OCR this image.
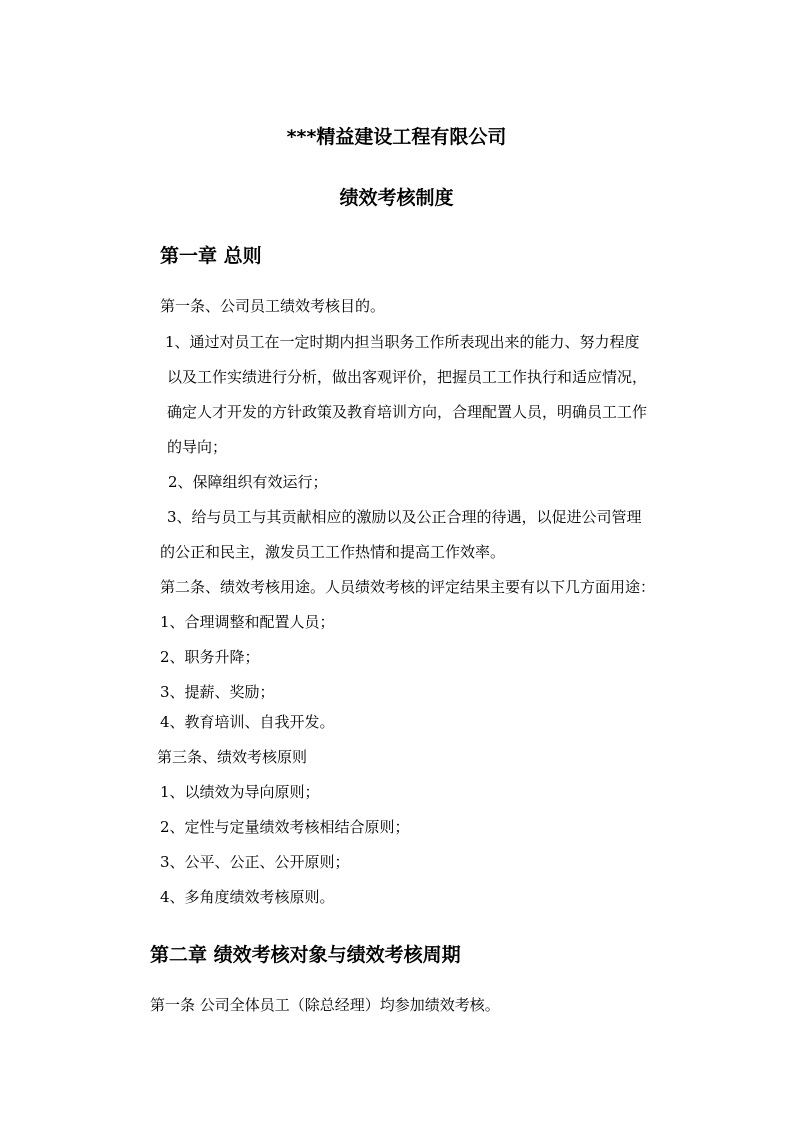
***精益建设工程有限公司
绩效考核制度
第一章 总则
第一条、公司员工绩效考核目的。
1、通过对员工在一定时期内担当职务工作所表现出来的能力、努力程度
以及工作实绩进行分析，做出客观评价，把握员工工作执行和适应情况，
确定人才开发的方针政策及教育培训方向，合理配置人员，明确员工工作
的导向；
2、保障组织有效运行；
3、给与员工与其贡献相应的激励以及公正合理的待遇，以促进公司管理
的公正和民主，激发员工工作热情和提高工作效率。
第二条、绩效考核用途。人员绩效考核的评定结果主要有以下几方面用途：
1、合理调整和配置人员；
2、职务升降；
3、提薪、奖励；
4、教育培训、自我开发。
第三条、绩效考核原则
1、以绩效为导向原则；
2、定性与定量绩效考核相结合原则；
3、公平、公正、公开原则；
4、多角度绩效考核原则。
第二章 绩效考核对象与绩效考核周期
第一条 公司全体员工（除总经理）均参加绩效考核。
